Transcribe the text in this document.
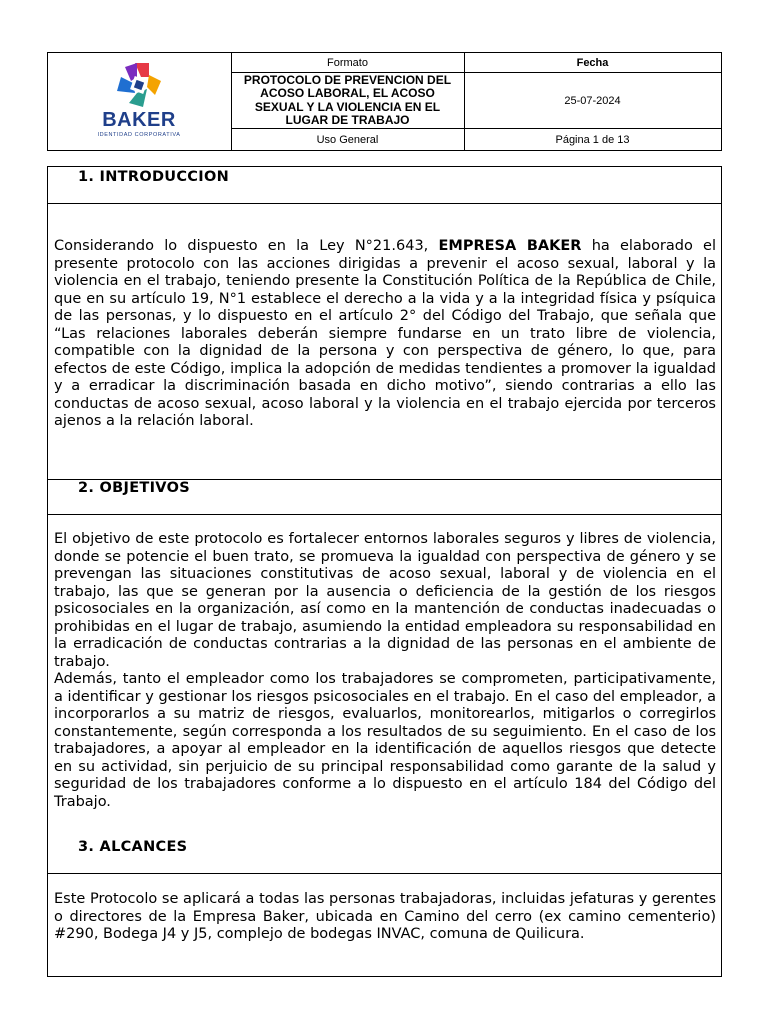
BAKER
IDENTIDAD CORPORATIVA
Formato
PROTOCOLO DE PREVENCION DEL ACOSO LABORAL, EL ACOSO SEXUAL Y LA VIOLENCIA EN EL LUGAR DE TRABAJO
Uso General
Fecha
25-07-2024
Página 1 de 13
1. INTRODUCCION
Considerando lo dispuesto en la Ley N°21.643, EMPRESA BAKER ha elaborado el presente protocolo con las acciones dirigidas a prevenir el acoso sexual, laboral y la violencia en el trabajo, teniendo presente la Constitución Política de la República de Chile, que en su artículo 19, N°1 establece el derecho a la vida y a la integridad física y psíquica de las personas, y lo dispuesto en el artículo 2° del Código del Trabajo, que señala que “Las relaciones laborales deberán siempre fundarse en un trato libre de violencia, compatible con la dignidad de la persona y con perspectiva de género, lo que, para efectos de este Código, implica la adopción de medidas tendientes a promover la igualdad y a erradicar la discriminación basada en dicho motivo”, siendo contrarias a ello las conductas de acoso sexual, acoso laboral y la violencia en el trabajo ejercida por terceros ajenos a la relación laboral.
2. OBJETIVOS
El objetivo de este protocolo es fortalecer entornos laborales seguros y libres de violencia, donde se potencie el buen trato, se promueva la igualdad con perspectiva de género y se prevengan las situaciones constitutivas de acoso sexual, laboral y de violencia en el trabajo, las que se generan por la ausencia o deficiencia de la gestión de los riesgos psicosociales en la organización, así como en la mantención de conductas inadecuadas o prohibidas en el lugar de trabajo, asumiendo la entidad empleadora su responsabilidad en la erradicación de conductas contrarias a la dignidad de las personas en el ambiente de trabajo.
Además, tanto el empleador como los trabajadores se comprometen, participativamente, a identificar y gestionar los riesgos psicosociales en el trabajo. En el caso del empleador, a incorporarlos a su matriz de riesgos, evaluarlos, monitorearlos, mitigarlos o corregirlos constantemente, según corresponda a los resultados de su seguimiento. En el caso de los trabajadores, a apoyar al empleador en la identificación de aquellos riesgos que detecte en su actividad, sin perjuicio de su principal responsabilidad como garante de la salud y seguridad de los trabajadores conforme a lo dispuesto en el artículo 184 del Código del Trabajo.
3. ALCANCES
Este Protocolo se aplicará a todas las personas trabajadoras, incluidas jefaturas y gerentes o directores de la Empresa Baker, ubicada en Camino del cerro (ex camino cementerio) #290, Bodega J4 y J5, complejo de bodegas INVAC, comuna de Quilicura.
